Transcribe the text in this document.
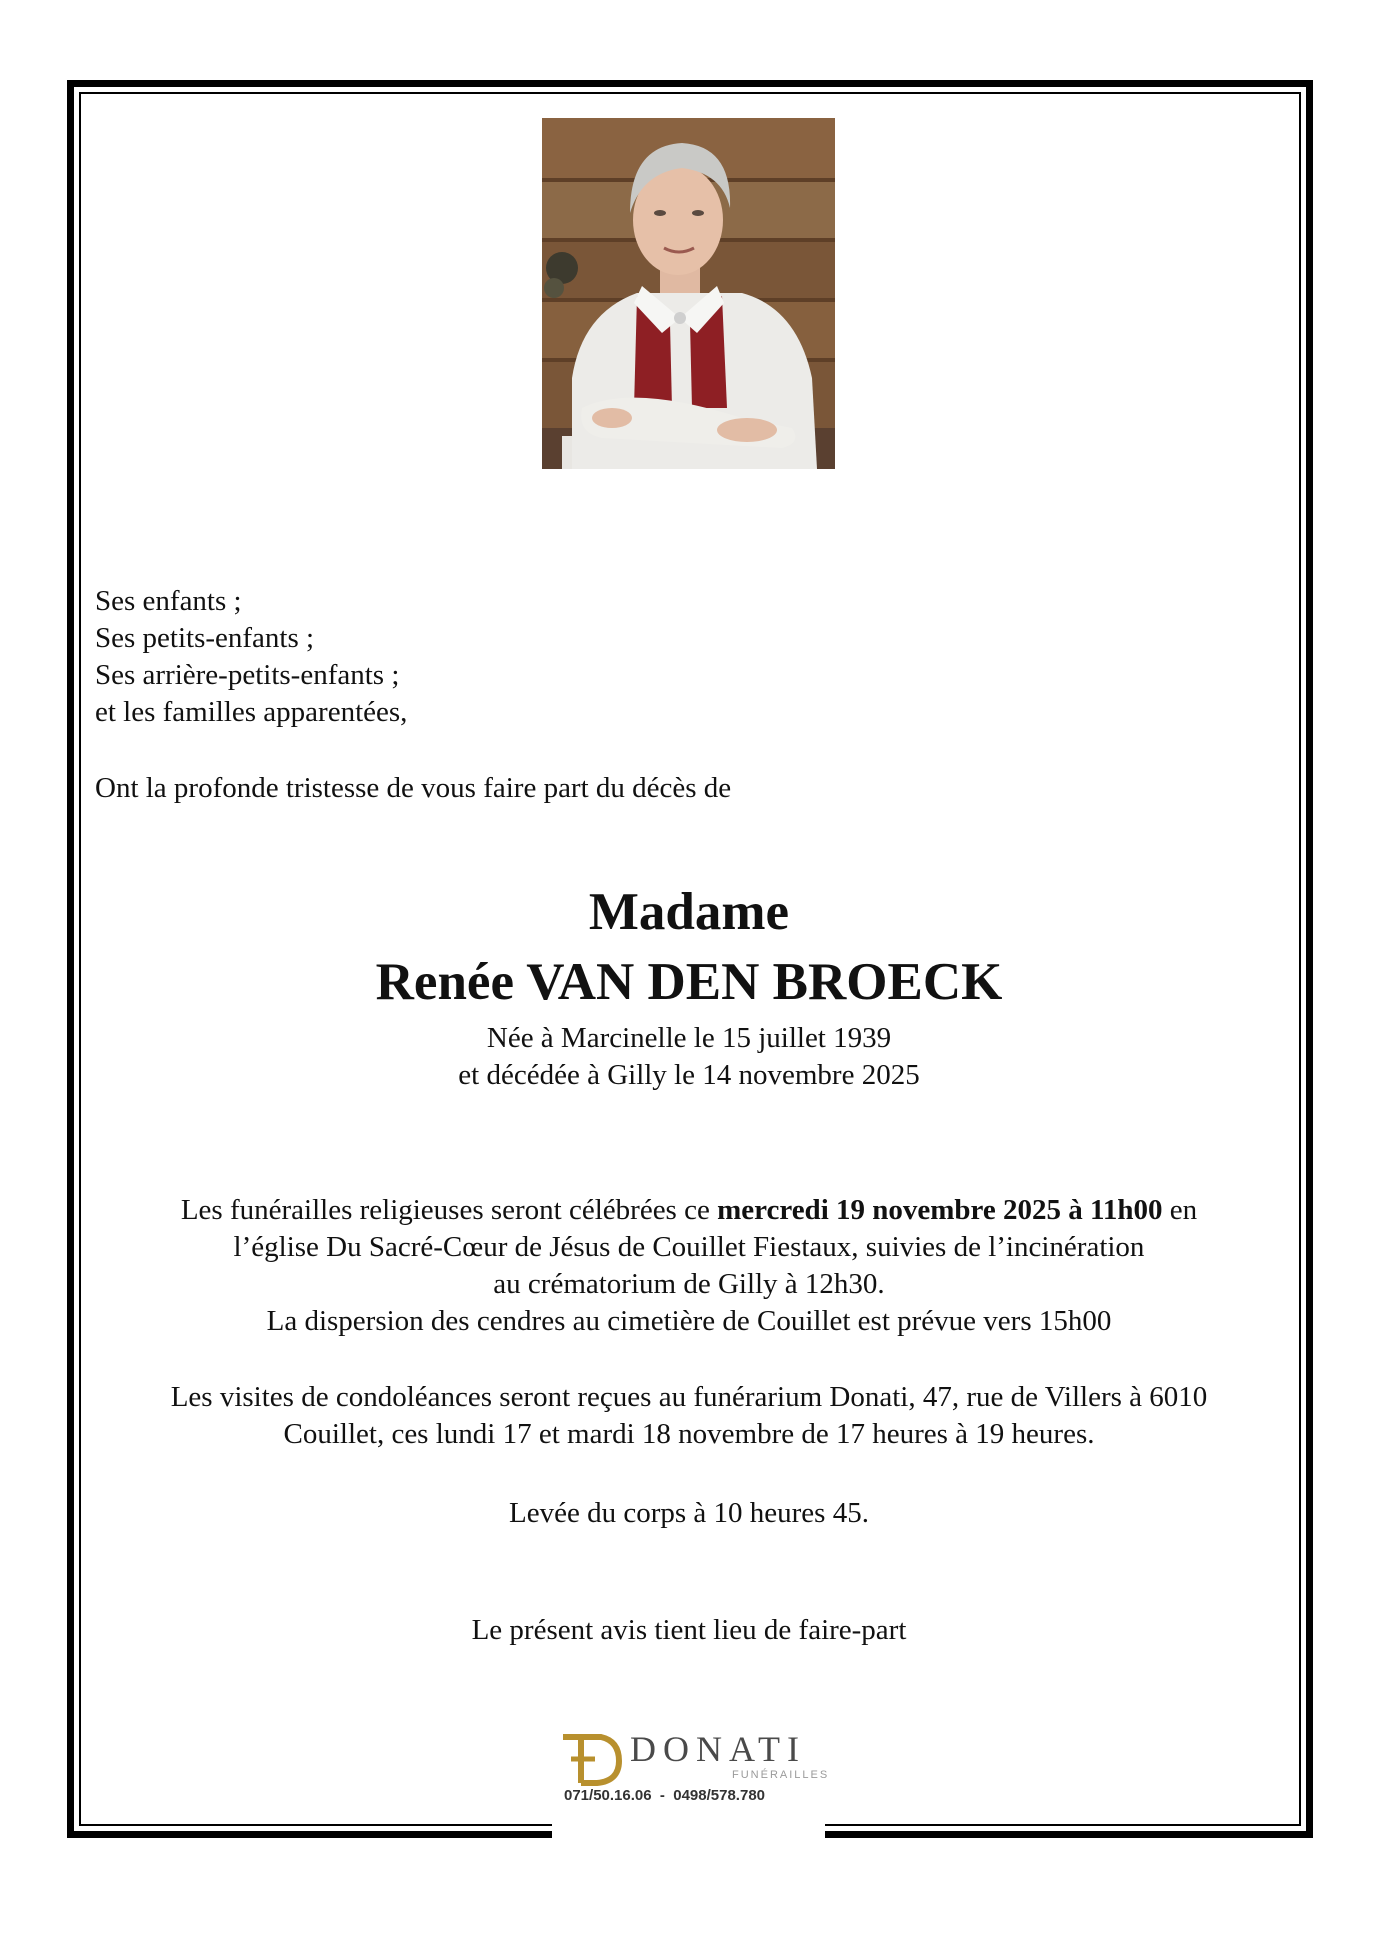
Ses enfants ;
Ses petits-enfants ;
Ses arrière-petits-enfants ;
et les familles apparentées,
Ont la profonde tristesse de vous faire part du décès de
Madame
Renée VAN DEN BROECK
Née à Marcinelle le 15 juillet 1939
et décédée à Gilly le 14 novembre 2025
Les funérailles religieuses seront célébrées ce mercredi 19 novembre 2025 à 11h00 en
l’église Du Sacré-Cœur de Jésus de Couillet Fiestaux, suivies de l’incinération
au crématorium de Gilly à 12h30.
La dispersion des cendres au cimetière de Couillet est prévue vers 15h00
Les visites de condoléances seront reçues au funérarium Donati, 47, rue de Villers à 6010
Couillet, ces lundi 17 et mardi 18 novembre de 17 heures à 19 heures.
Levée du corps à 10 heures 45.
Le présent avis tient lieu de faire-part
DONATI
FUNÉRAILLES
071/50.16.06  -  0498/578.780
